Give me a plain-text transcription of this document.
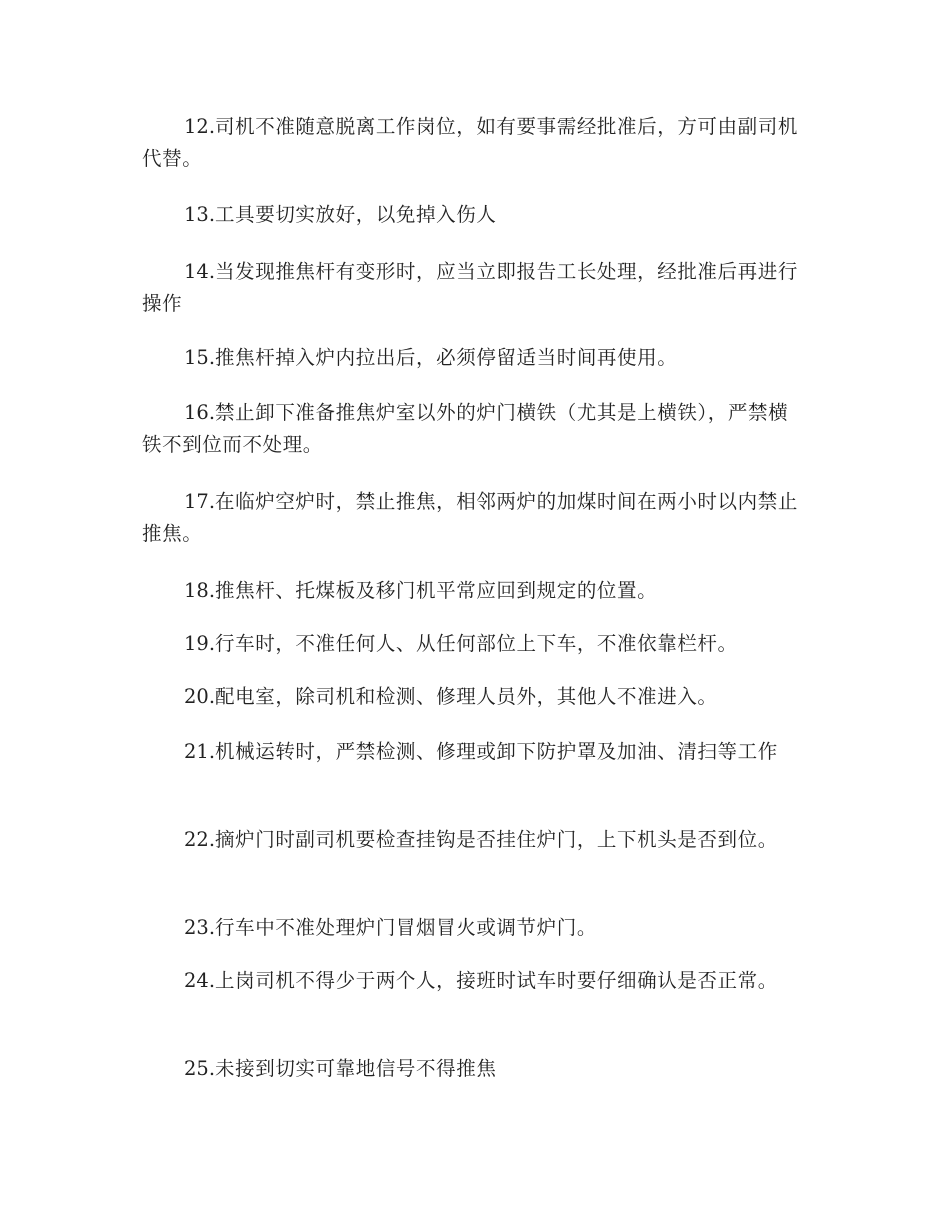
12.司机不准随意脱离工作岗位，如有要事需经批准后，方可由副司机代替。

13.工具要切实放好，以免掉入伤人

14.当发现推焦杆有变形时，应当立即报告工长处理，经批准后再进行操作

15.推焦杆掉入炉内拉出后，必须停留适当时间再使用。

16.禁止卸下准备推焦炉室以外的炉门横铁（尤其是上横铁），严禁横铁不到位而不处理。

17.在临炉空炉时，禁止推焦，相邻两炉的加煤时间在两小时以内禁止推焦。

18.推焦杆、托煤板及移门机平常应回到规定的位置。

19.行车时，不准任何人、从任何部位上下车，不准依靠栏杆。

20.配电室，除司机和检测、修理人员外，其他人不准进入。

21.机械运转时，严禁检测、修理或卸下防护罩及加油、清扫等工作

22.摘炉门时副司机要检查挂钩是否挂住炉门，上下机头是否到位。

23.行车中不准处理炉门冒烟冒火或调节炉门。

24.上岗司机不得少于两个人，接班时试车时要仔细确认是否正常。

25.未接到切实可靠地信号不得推焦
